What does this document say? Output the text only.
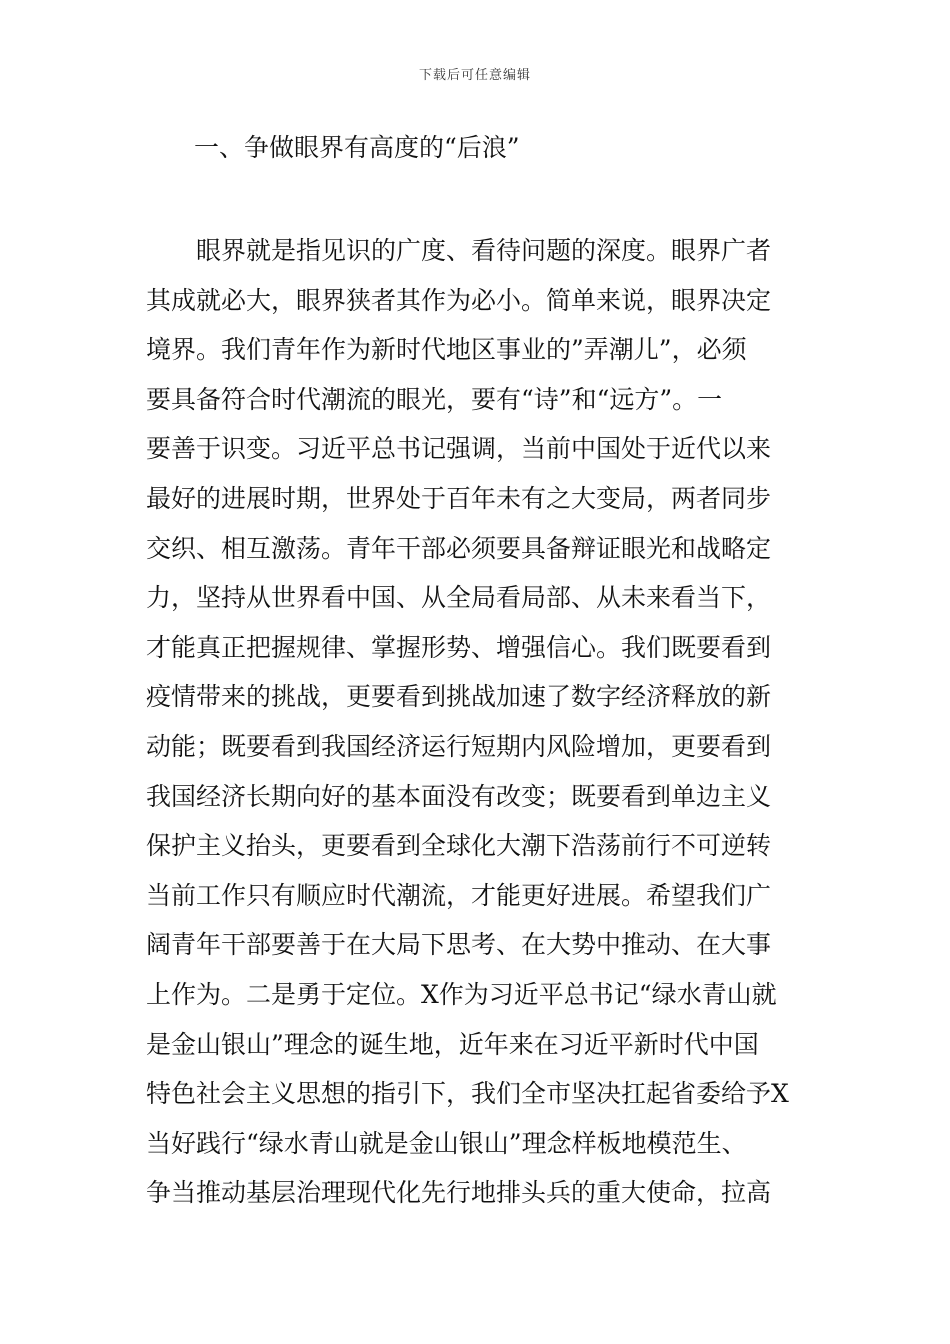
下载后可任意编辑
一、争做眼界有高度的“后浪”
眼界就是指见识的广度、看待问题的深度。眼界广者
其成就必大，眼界狭者其作为必小。简单来说，眼界决定
境界。我们青年作为新时代地区事业的”弄潮儿”，必须
要具备符合时代潮流的眼光，要有“诗”和“远方”。一
要善于识变。习近平总书记强调，当前中国处于近代以来
最好的进展时期，世界处于百年未有之大变局，两者同步
交织、相互激荡。青年干部必须要具备辩证眼光和战略定
力，坚持从世界看中国、从全局看局部、从未来看当下，
才能真正把握规律、掌握形势、增强信心。我们既要看到
疫情带来的挑战，更要看到挑战加速了数字经济释放的新
动能；既要看到我国经济运行短期内风险增加，更要看到
我国经济长期向好的基本面没有改变；既要看到单边主义
保护主义抬头，更要看到全球化大潮下浩荡前行不可逆转
当前工作只有顺应时代潮流，才能更好进展。希望我们广
阔青年干部要善于在大局下思考、在大势中推动、在大事
上作为。二是勇于定位。X作为习近平总书记“绿水青山就
是金山银山”理念的诞生地，近年来在习近平新时代中国
特色社会主义思想的指引下，我们全市坚决扛起省委给予X
当好践行“绿水青山就是金山银山”理念样板地模范生、
争当推动基层治理现代化先行地排头兵的重大使命，拉高
